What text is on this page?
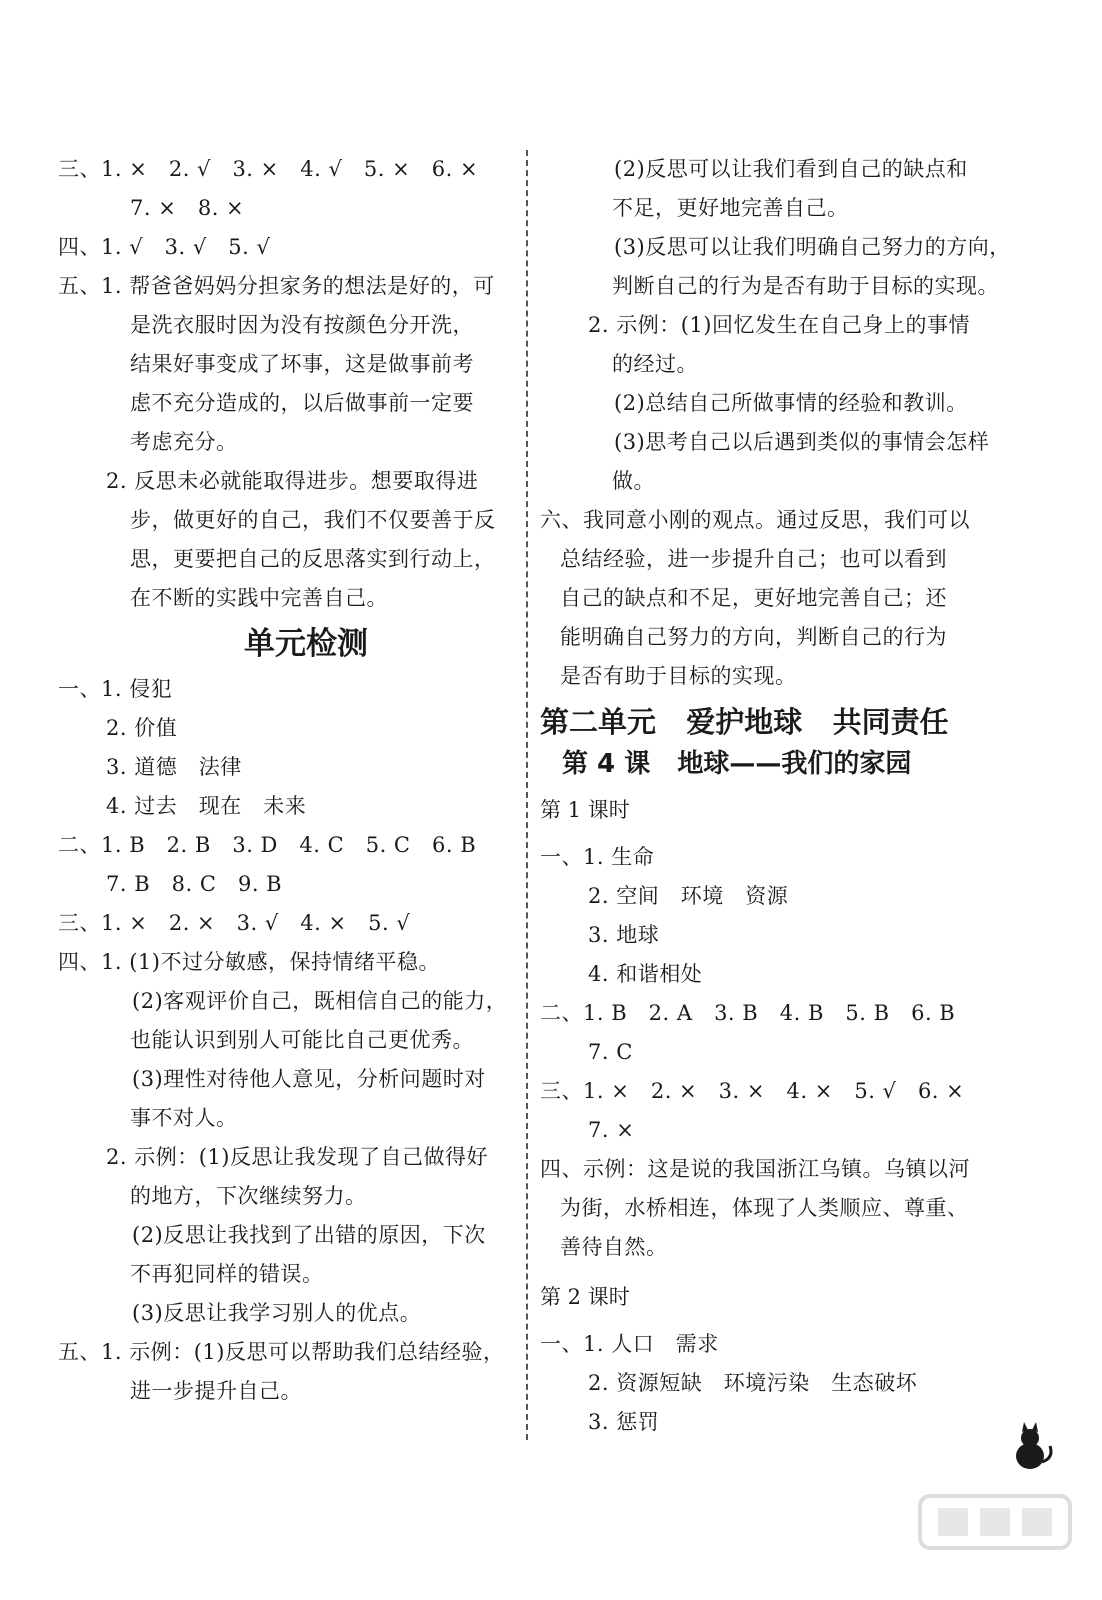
三、1. ×   2. √   3. ×   4. √   5. ×   6. ×
7. ×   8. ×
四、1. √   3. √   5. √
五、1. 帮爸爸妈妈分担家务的想法是好的，可
是洗衣服时因为没有按颜色分开洗，
结果好事变成了坏事，这是做事前考
虑不充分造成的，以后做事前一定要
考虑充分。
2. 反思未必就能取得进步。想要取得进
步，做更好的自己，我们不仅要善于反
思，更要把自己的反思落实到行动上，
在不断的实践中完善自己。
单元检测
一、1. 侵犯
2. 价值
3. 道德   法律
4. 过去   现在   未来
二、1. B   2. B   3. D   4. C   5. C   6. B
7. B   8. C   9. B
三、1. ×   2. ×   3. √   4. ×   5. √
四、1. (1)不过分敏感，保持情绪平稳。
(2)客观评价自己，既相信自己的能力，
也能认识到别人可能比自己更优秀。
(3)理性对待他人意见，分析问题时对
事不对人。
2. 示例：(1)反思让我发现了自己做得好
的地方，下次继续努力。
(2)反思让我找到了出错的原因，下次
不再犯同样的错误。
(3)反思让我学习别人的优点。
五、1. 示例：(1)反思可以帮助我们总结经验，
进一步提升自己。
(2)反思可以让我们看到自己的缺点和
不足，更好地完善自己。
(3)反思可以让我们明确自己努力的方向，
判断自己的行为是否有助于目标的实现。
2. 示例：(1)回忆发生在自己身上的事情
的经过。
(2)总结自己所做事情的经验和教训。
(3)思考自己以后遇到类似的事情会怎样
做。
六、我同意小刚的观点。通过反思，我们可以
总结经验，进一步提升自己；也可以看到
自己的缺点和不足，更好地完善自己；还
能明确自己努力的方向，判断自己的行为
是否有助于目标的实现。
第二单元   爱护地球   共同责任
第 4 课   地球——我们的家园
第 1 课时
一、1. 生命
2. 空间   环境   资源
3. 地球
4. 和谐相处
二、1. B   2. A   3. B   4. B   5. B   6. B
7. C
三、1. ×   2. ×   3. ×   4. ×   5. √   6. ×
7. ×
四、示例：这是说的我国浙江乌镇。乌镇以河
为街，水桥相连，体现了人类顺应、尊重、
善待自然。
第 2 课时
一、1. 人口   需求
2. 资源短缺   环境污染   生态破坏
3. 惩罚
3
